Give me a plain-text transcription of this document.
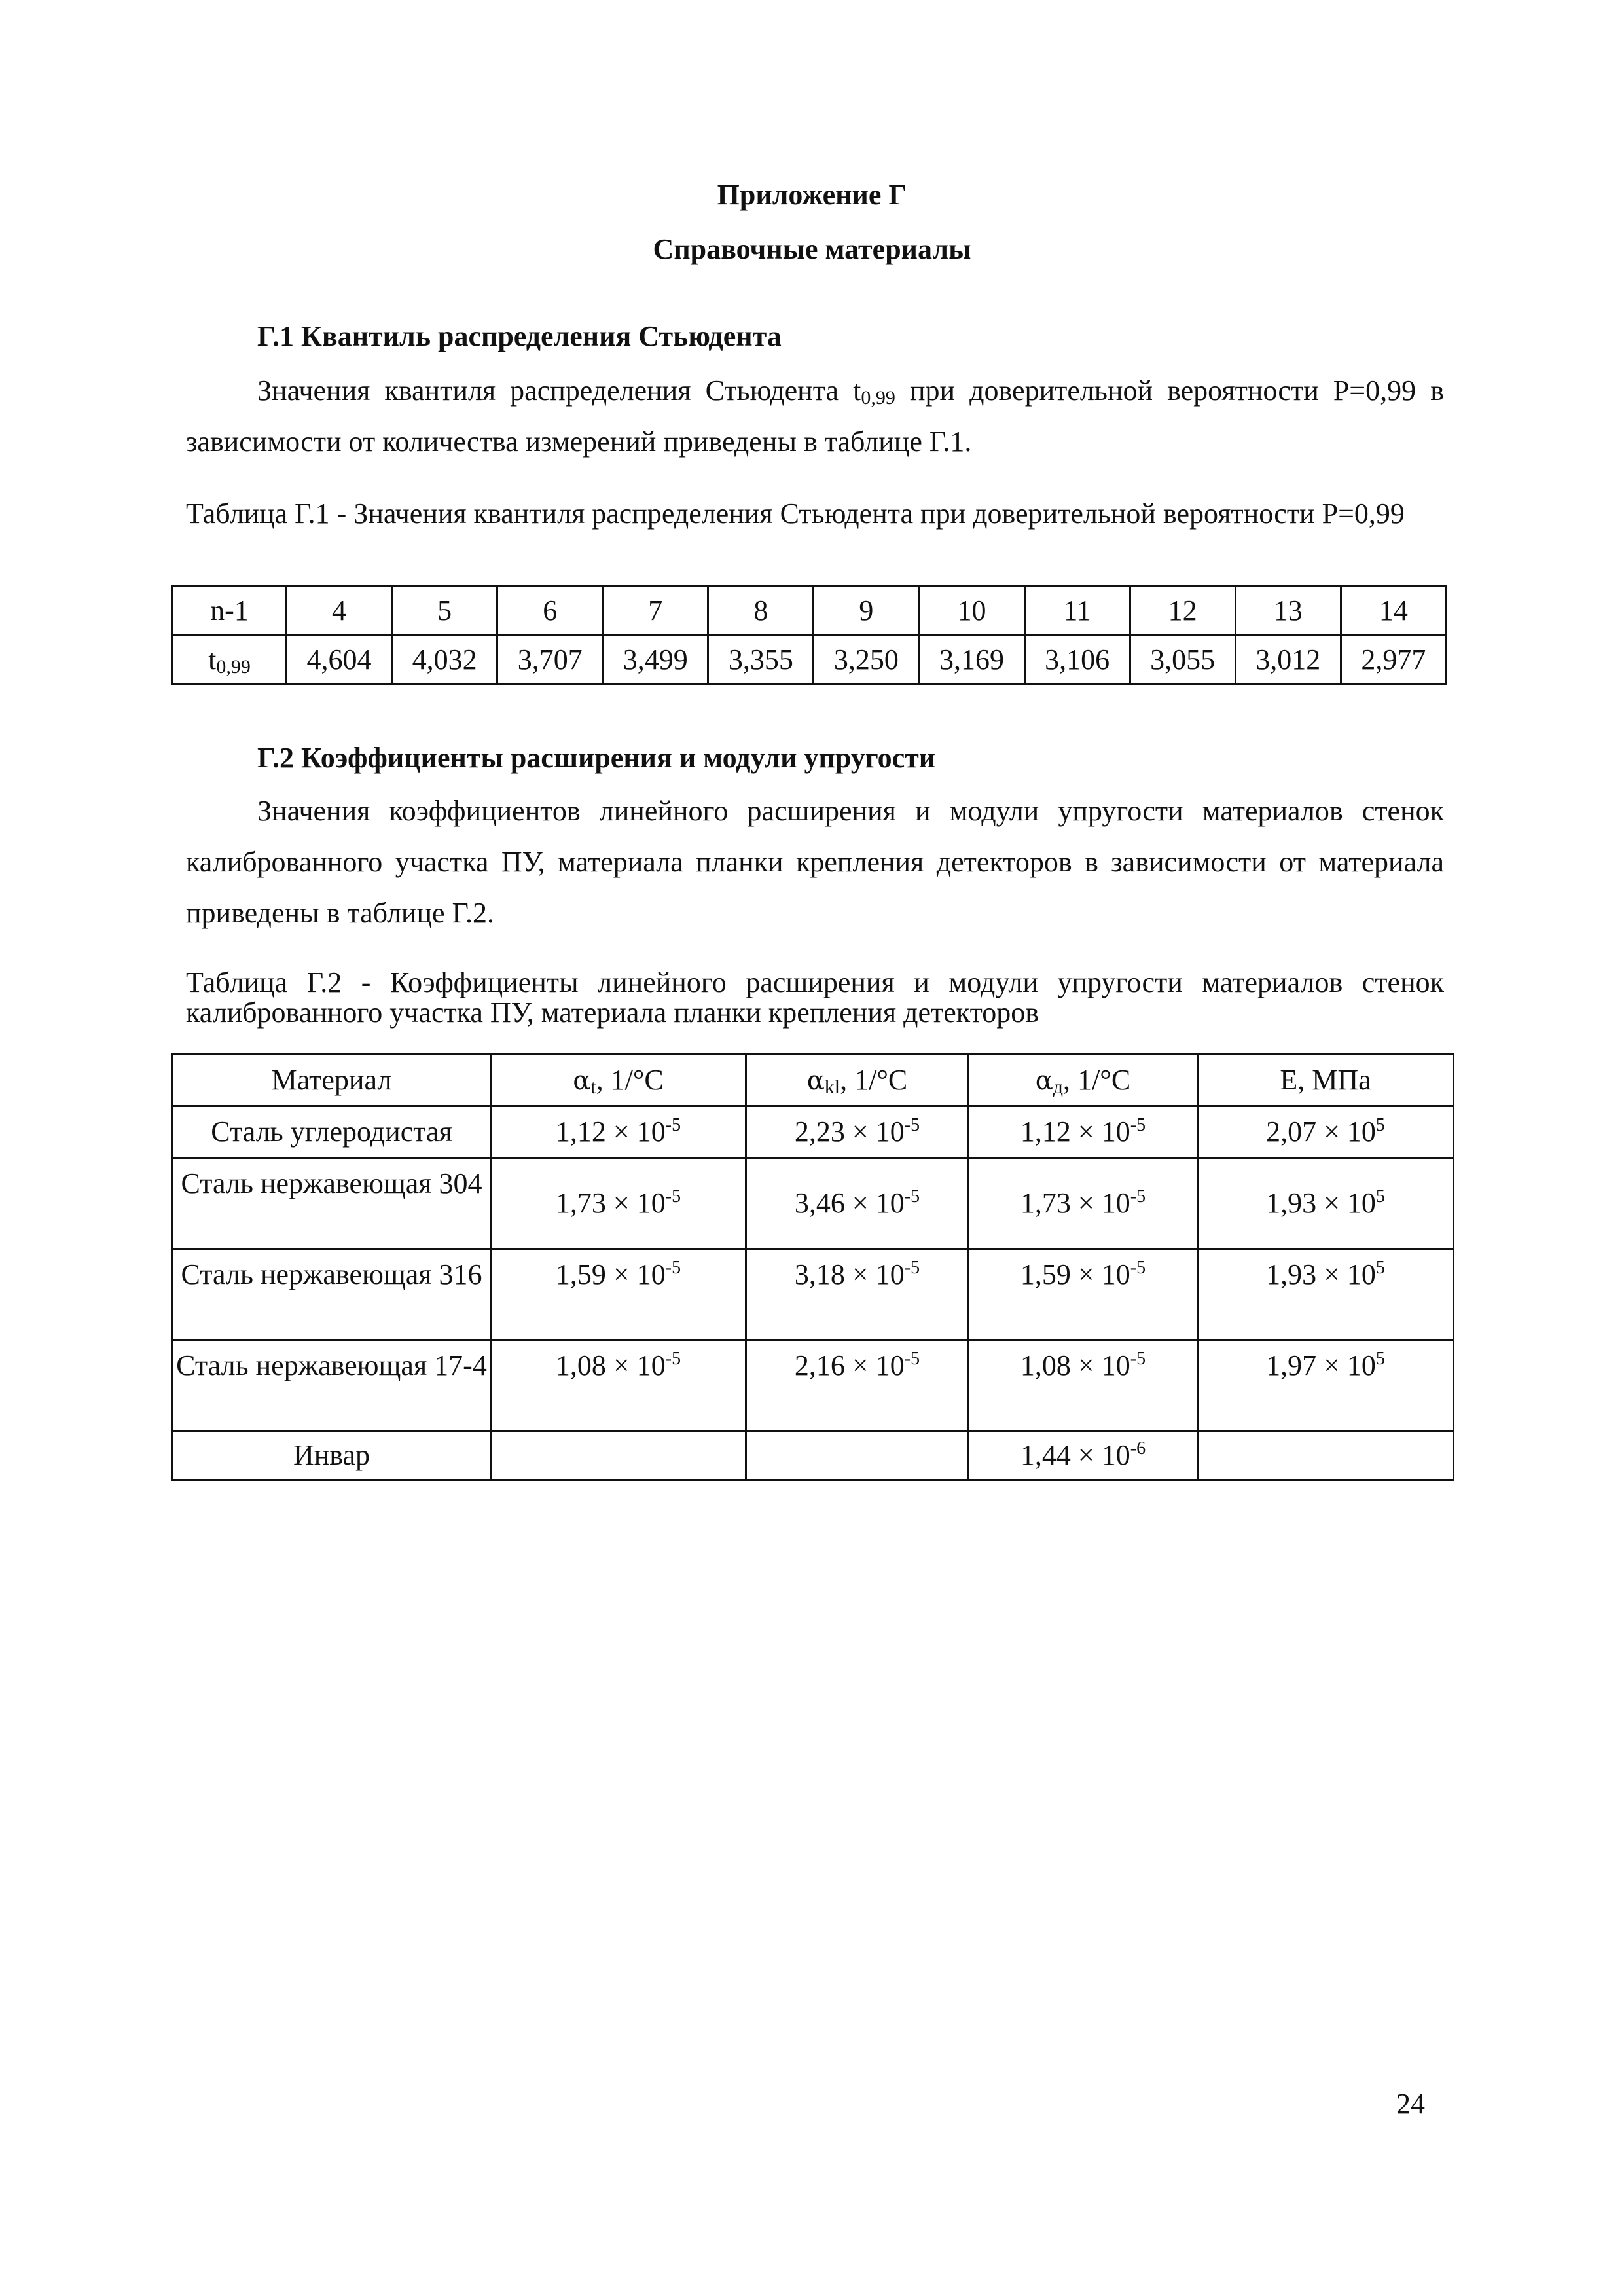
Приложение Г
Справочные материалы
Г.1 Квантиль распределения Стьюдента

Значения квантиля распределения Стьюдента $t_{0,99}$ при доверительной вероятности P=0,99 в зависимости от количества измерений приведены в таблице Г.1.

Таблица Г.1 - Значения квантиля распределения Стьюдента при доверительной вероятности P=0,99

n-1	4	5	6	7	8	9	10	11	12	13	14
t0,99	4,604	4,032	3,707	3,499	3,355	3,250	3,169	3,106	3,055	3,012	2,977
Г.2 Коэффициенты расширения и модули упругости

Значения коэффициентов линейного расширения и модули упругости материалов стенок калиброванного участка ПУ, материала планки крепления детекторов в зависимости от материала приведены в таблице Г.2.

Таблица Г.2 - Коэффициенты линейного расширения и модули упругости материалов стенок калиброванного участка ПУ, материала планки крепления детекторов

Материал	$\alpha_t$, 1/°C	$\alpha_{kl}$, 1/°C	$\alpha_д$, 1/°C	E, МПа
Сталь углеродистая	$1,12 \times 10^{-5}$	$2,23 \times 10^{-5}$	$1,12 \times 10^{-5}$	$2,07 \times 10^5$
Сталь нержавеющая 304	$1,73 \times 10^{-5}$	$3,46 \times 10^{-5}$	$1,73 \times 10^{-5}$	$1,93 \times 10^5$
Сталь нержавеющая 316	$1,59 \times 10^{-5}$	$3,18 \times 10^{-5}$	$1,59 \times 10^{-5}$	$1,93 \times 10^5$
Сталь нержавеющая 17-4	$1,08 \times 10^{-5}$	$2,16 \times 10^{-5}$	$1,08 \times 10^{-5}$	$1,97 \times 10^5$
Инвар			$1,44 \times 10^{-6}$	
24
